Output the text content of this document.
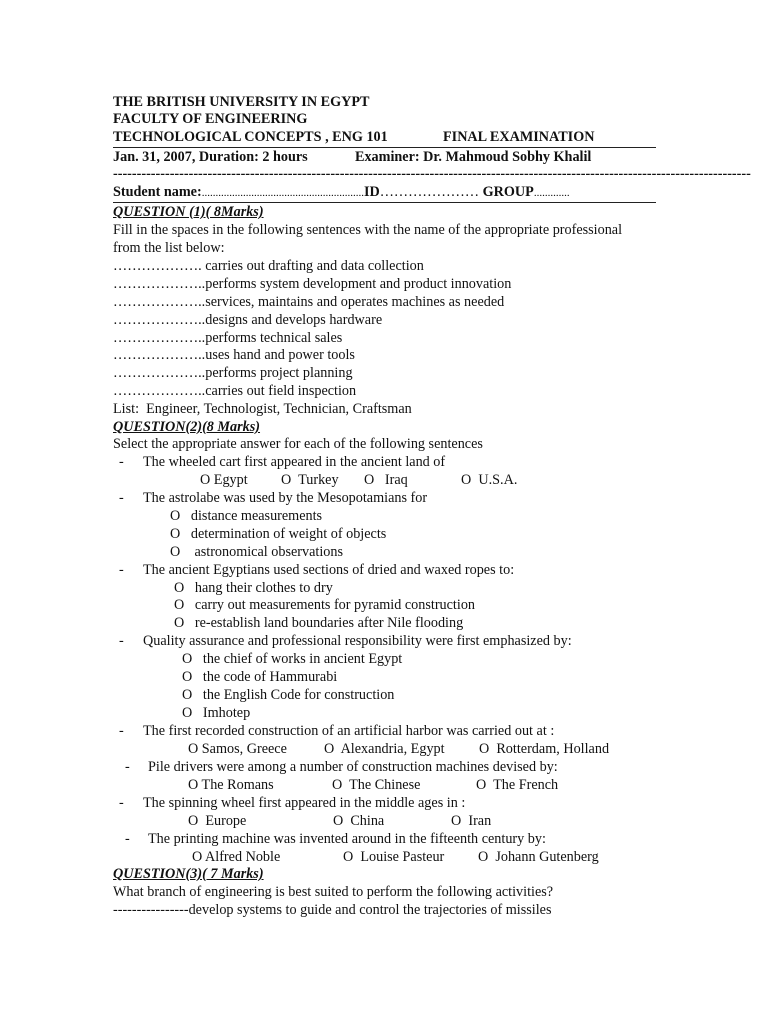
THE BRITISH UNIVERSITY IN EGYPT
FACULTY OF ENGINEERING
TECHNOLOGICAL CONCEPTS , ENG 101	FINAL EXAMINATION
Jan. 31, 2007, Duration: 2 hours	Examiner: Dr. Mahmoud Sobhy Khalil
---------------------------------------------------------------------------------------------------------------------------------------
Student name:...........................................................ID………………… GROUP.............
QUESTION (1)( 8Marks)
Fill in the spaces in the following sentences with the name of the appropriate professional
from the list below:
………………. carries out drafting and data collection
………………..performs system development and product innovation
………………..services, maintains and operates machines as needed
………………..designs and develops hardware
………………..performs technical sales
………………..uses hand and power tools
………………..performs project planning
………………..carries out field inspection
List:  Engineer, Technologist, Technician, Craftsman
QUESTION(2)(8 Marks)
Select the appropriate answer for each of the following sentences
- The wheeled cart first appeared in the ancient land of
O Egypt O Turkey O Iraq	O U.S.A.
- The astrolabe was used by the Mesopotamians for
O distance measurements
O determination of weight of objects
O astronomical observations
- The ancient Egyptians used sections of dried and waxed ropes to:
O hang their clothes to dry
O carry out measurements for pyramid construction
O re-establish land boundaries after Nile flooding
- Quality assurance and professional responsibility were first emphasized by:
O the chief of works in ancient Egypt
O the code of Hammurabi
O the English Code for construction
O Imhotep
- The first recorded construction of an artificial harbor was carried out at :
O Samos, Greece	O Alexandria, Egypt O Rotterdam, Holland
- Pile drivers were among a number of construction machines devised by:
O The Romans	O The Chinese	O The French
- The spinning wheel first appeared in the middle ages in :
O Europe	O China	O Iran
- The printing machine was invented around in the fifteenth century by:
O Alfred Noble	O Louise Pasteur O Johann Gutenberg
QUESTION(3)( 7 Marks)
What branch of engineering is best suited to perform the following activities?
----------------develop systems to guide and control the trajectories of missiles
